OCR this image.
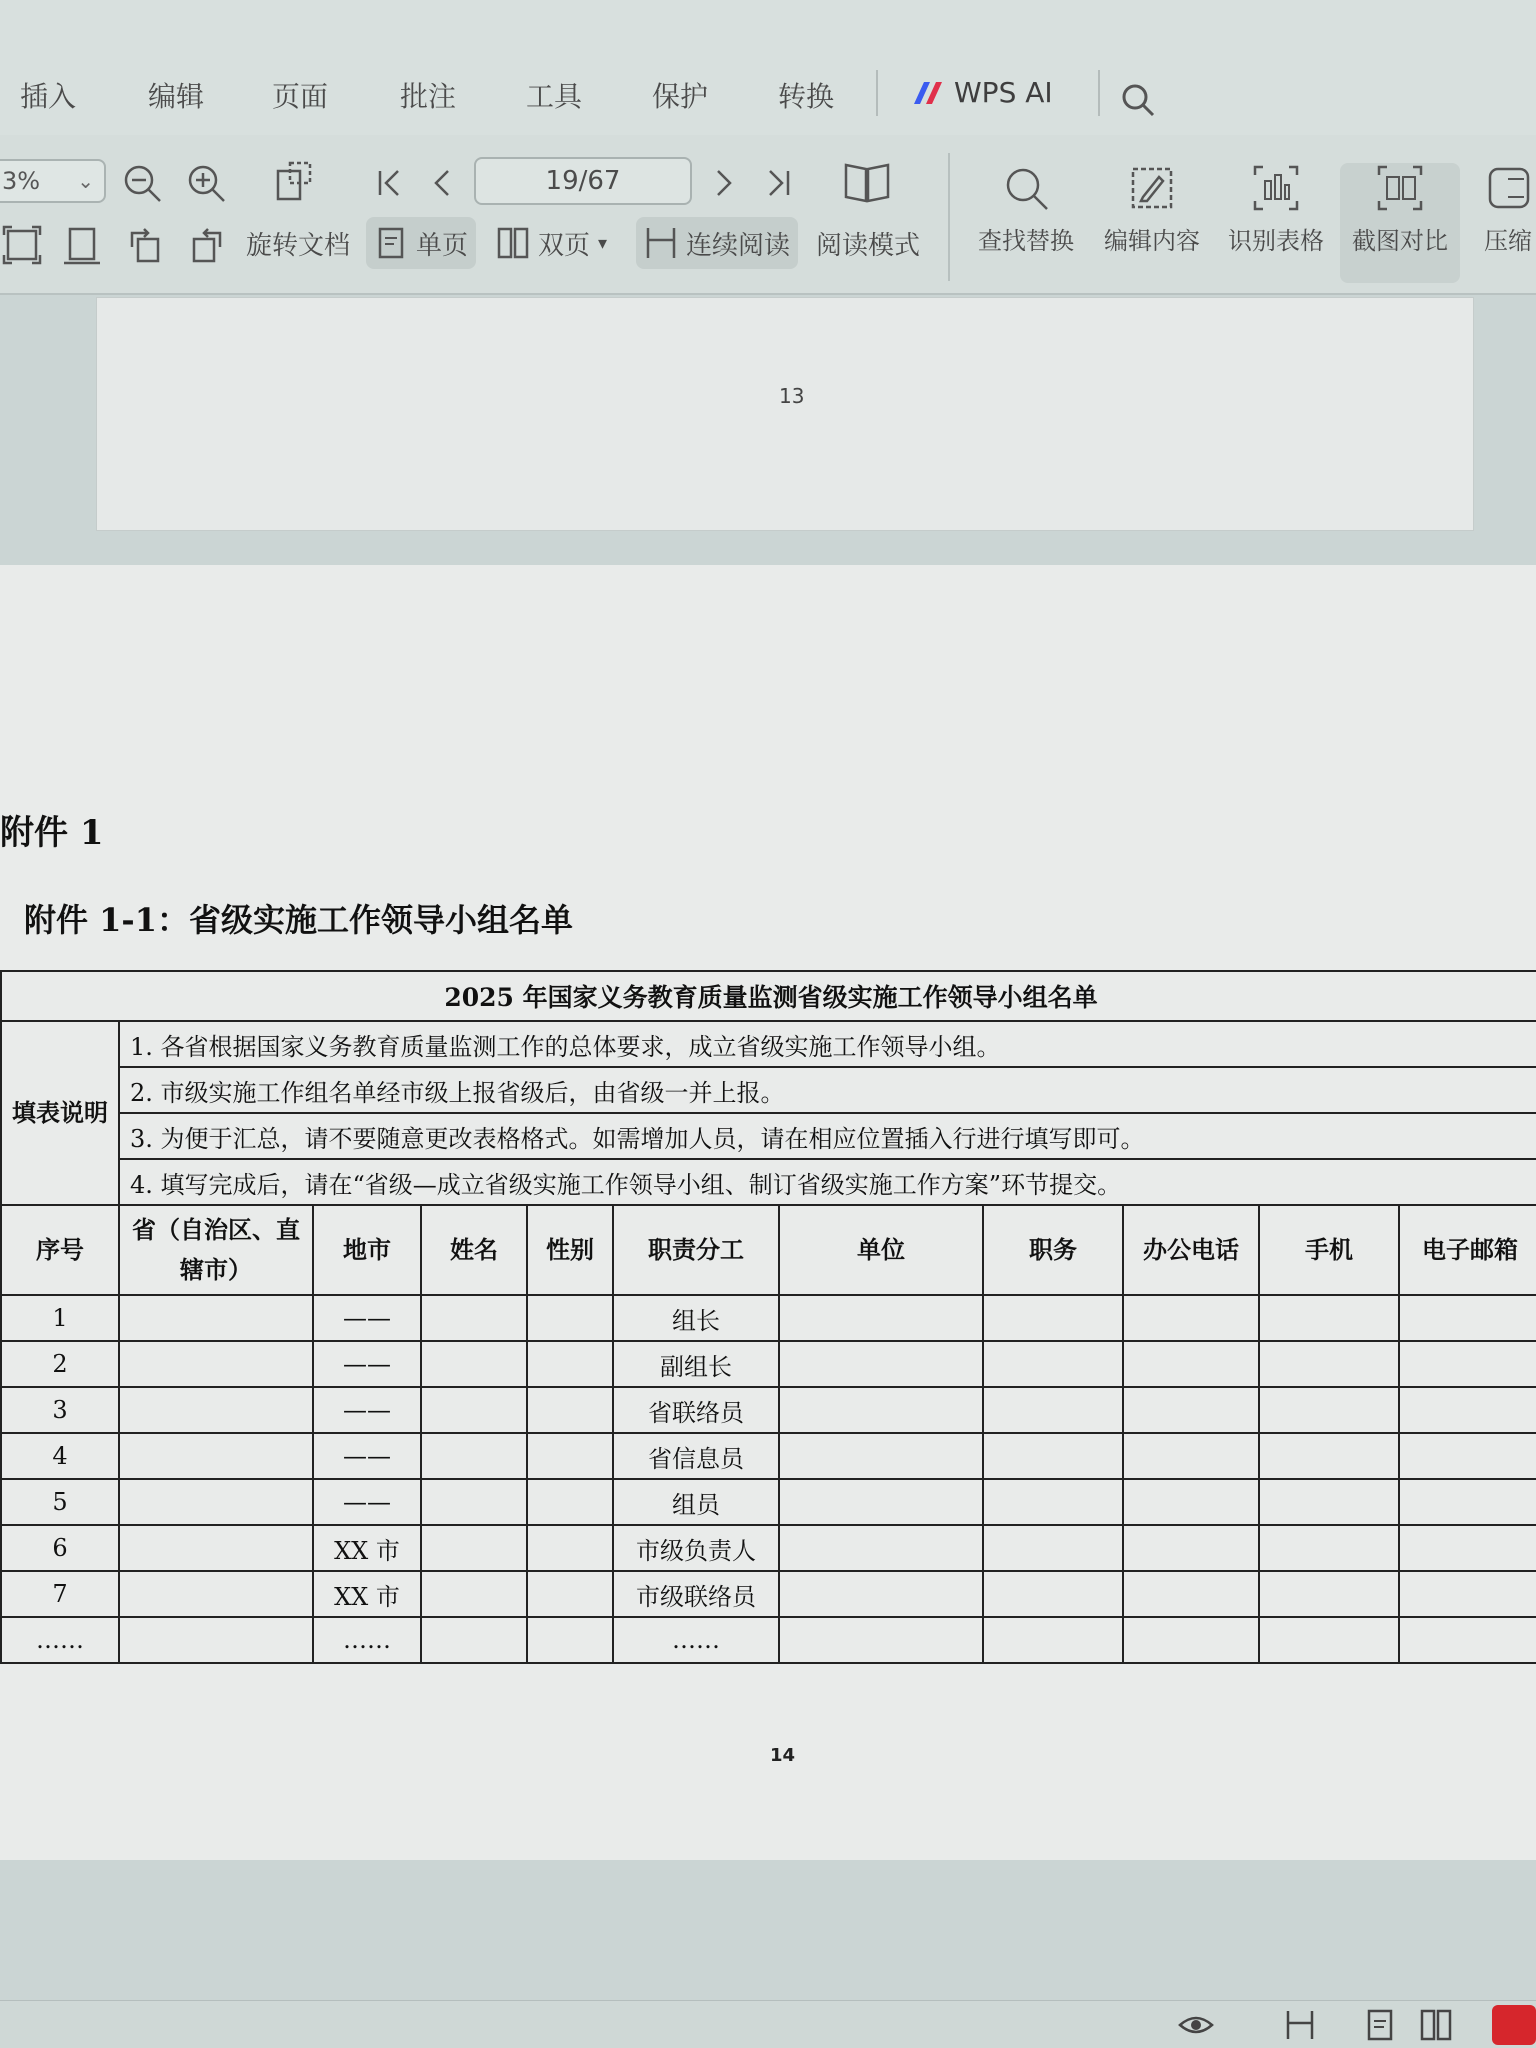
插入	编辑 页面	批注 工具 保护 转换	WPS AI
3% ⌄	19/67
旋转文档	单页	双页 ▾	连续阅读 阅读模式	查找替换	编辑内容	识别表格	截图对比	压缩
13
附件 1
附件 1-1：省级实施工作领导小组名单
2025 年国家义务教育质量监测省级实施工作领导小组名单										
填表说明	1. 各省根据国家义务教育质量监测工作的总体要求，成立省级实施工作领导小组。									
	2. 市级实施工作组名单经市级上报省级后，由省级一并上报。									
	3. 为便于汇总，请不要随意更改表格格式。如需增加人员，请在相应位置插入行进行填写即可。									
	4. 填写完成后，请在“省级—成立省级实施工作领导小组、制订省级实施工作方案”环节提交。									
序号	省（自治区、直辖市）	地市	姓名	性别	职责分工	单位	职务	办公电话	手机	电子邮箱
1		——			组长					
2		——			副组长					
3		——			省联络员					
4		——			省信息员					
5		——			组员					
6		XX 市			市级负责人					
7		XX 市			市级联络员					
……		……			……					
14
